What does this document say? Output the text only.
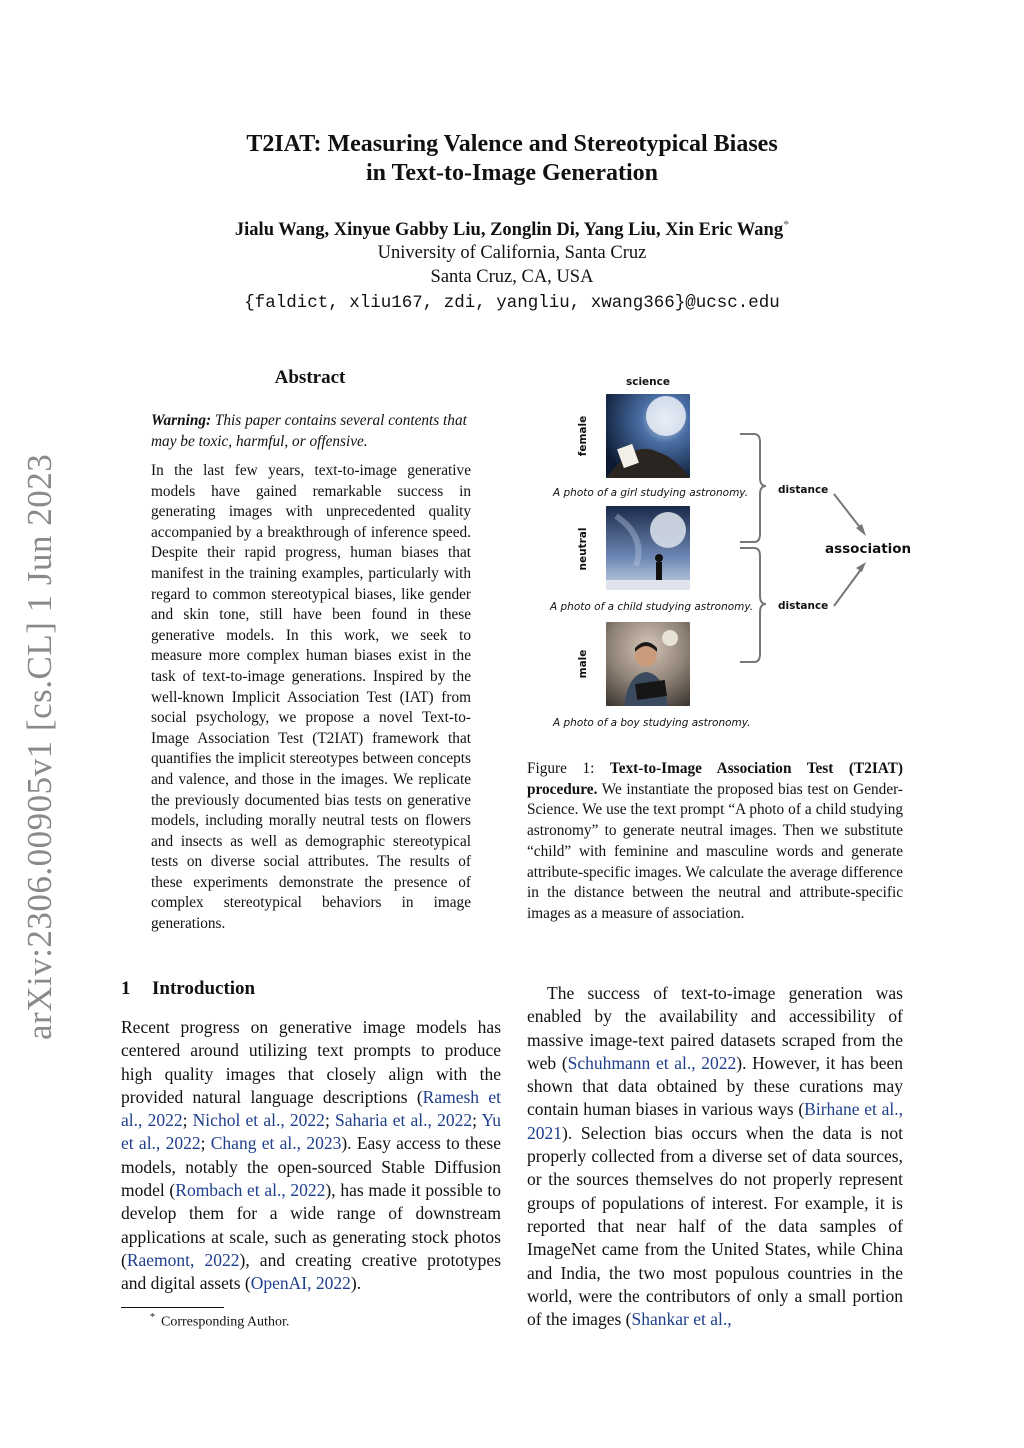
arXiv:2306.00905v1 [cs.CL] 1 Jun 2023
T2IAT: Measuring Valence and Stereotypical Biases
in Text-to-Image Generation
Jialu Wang, Xinyue Gabby Liu, Zonglin Di, Yang Liu, Xin Eric Wang*
University of California, Santa Cruz
Santa Cruz, CA, USA
{faldict, xliu167, zdi, yangliu, xwang366}@ucsc.edu
Abstract
Warning: This paper contains several contents that may be toxic, harmful, or offensive.
In the last few years, text-to-image generative models have gained remarkable success in generating images with unprecedented quality accompanied by a breakthrough of inference speed. Despite their rapid progress, human biases that manifest in the training examples, particularly with regard to common stereotypical biases, like gender and skin tone, still have been found in these generative models. In this work, we seek to measure more complex human biases exist in the task of text-to-image generations. Inspired by the well-known Implicit Association Test (IAT) from social psychology, we propose a novel Text-to-Image Association Test (T2IAT) framework that quantifies the implicit stereotypes between concepts and valence, and those in the images. We replicate the previously documented bias tests on generative models, including morally neutral tests on flowers and insects as well as demographic stereotypical tests on diverse social attributes. The results of these experiments demonstrate the presence of complex stereotypical behaviors in image generations.
1 Introduction
Recent progress on generative image models has centered around utilizing text prompts to produce high quality images that closely align with the provided natural language descriptions (Ramesh et al., 2022; Nichol et al., 2022; Saharia et al., 2022; Yu et al., 2022; Chang et al., 2023). Easy access to these models, notably the open-sourced Stable Diffusion model (Rombach et al., 2022), has made it possible to develop them for a wide range of downstream applications at scale, such as generating stock photos (Raemont, 2022), and creating creative prototypes and digital assets (OpenAI, 2022).
* Corresponding Author.
science
female
A photo of a girl studying astronomy.
neutral
A photo of a child studying astronomy.
male
A photo of a boy studying astronomy.
distance
distance
association
Figure 1: Text-to-Image Association Test (T2IAT) procedure. We instantiate the proposed bias test on Gender-Science. We use the text prompt “A photo of a child studying astronomy” to generate neutral images. Then we substitute “child” with feminine and masculine words and generate attribute-specific images. We calculate the average difference in the distance between the neutral and attribute-specific images as a measure of association.
The success of text-to-image generation was enabled by the availability and accessibility of massive image-text paired datasets scraped from the web (Schuhmann et al., 2022). However, it has been shown that data obtained by these curations may contain human biases in various ways (Birhane et al., 2021). Selection bias occurs when the data is not properly collected from a diverse set of data sources, or the sources themselves do not properly represent groups of populations of interest. For example, it is reported that near half of the data samples of ImageNet came from the United States, while China and India, the two most populous countries in the world, were the contributors of only a small portion of the images (Shankar et al.,
